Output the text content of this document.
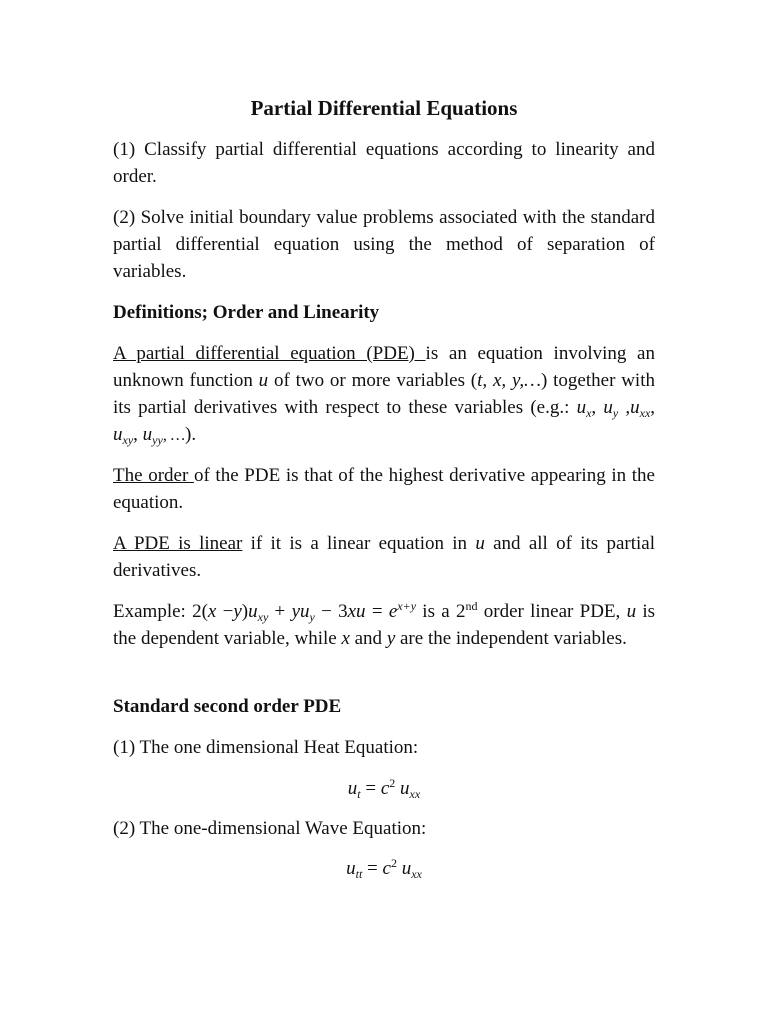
Partial Differential Equations

(1) Classify partial differential equations according to linearity and order.

(2) Solve initial boundary value problems associated with the standard partial differential equation using the method of separation of variables.

Definitions; Order and Linearity

A partial differential equation (PDE) is an equation involving an unknown function u of two or more variables (t, x, y,…) together with its partial derivatives with respect to these variables (e.g.: $u_x$, $u_y$ $,u_{xx}$, $u_{xy}$, $u_{yy}$, …).

The order of the PDE is that of the highest derivative appearing in the equation.

A PDE is linear if it is a linear equation in u and all of its partial derivatives.

Example: $2(x -y)u_{xy} + yu_y - 3xu = e^{x+y}$ is a 2nd order linear PDE, u is the dependent variable, while x and y are the independent variables.

Standard second order PDE

(1) The one dimensional Heat Equation:

$u_t = c^2$ $u_{xx}$

(2) The one-dimensional Wave Equation:

$u_{tt} = c^2$ $u_{xx}$
